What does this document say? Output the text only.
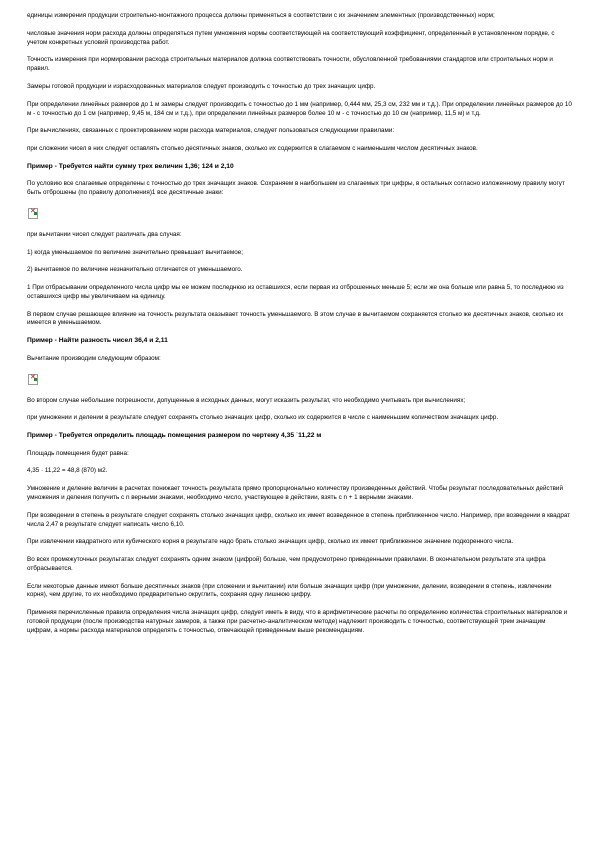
единицы измерения продукции строительно-монтажного процесса должны применяться в соответствии с их значением элементных (производственных) норм;

числовые значения норм расхода должны определяться путем умножения нормы соответствующей на соответствующий коэффициент, определенный в установленном порядке, с учетом конкретных условий производства работ.

Точность измерения при нормировании расхода строительных материалов должна соответствовать точности, обусловленной требованиями стандартов или строительных норм и правил.

Замеры готовой продукции и израсходованных материалов следует производить с точностью до трех значащих цифр.

При определении линейных размеров до 1 м замеры следует производить с точностью до 1 мм (например, 0,444 мм, 25,3 см, 232 мм и т.д.). При определении линейных размеров до 10 м - с точностью до 1 см (например, 9,45 м, 184 см и т.д.), при определении линейных размеров более 10 м - с точностью до 10 см (например, 11,5 м) и т.д.

При вычислениях, связанных с проектированием норм расхода материалов, следует пользоваться следующими правилами:

при сложении чисел в них следует оставлять столько десятичных знаков, сколько их содержится в слагаемом с наименьшим числом десятичных знаков.

Пример - Требуется найти сумму трех величин 1,36; 124 и 2,10

По условию все слагаемые определены с точностью до трех значащих знаков. Сохраняем в наибольшем из слагаемых три цифры, в остальных согласно изложенному правилу могут быть отброшены (по правилу дополнения)1 все десятичные знаки:

✕

при вычитании чисел следует различать два случая:

1) когда уменьшаемое по величине значительно превышает вычитаемое;

2) вычитаемое по величине незначительно отличается от уменьшаемого.

1 При отбрасывании определенного числа цифр мы ее можем последнюю из оставшихся, если первая из отброшенных меньше 5; если же она больше или равна 5, то последнюю из оставшихся цифр мы увеличиваем на единицу.

В первом случае решающее влияние на точность результата оказывает точность уменьшаемого. В этом случае в вычитаемом сохраняется столько же десятичных знаков, сколько их имеется в уменьшаемом.

Пример - Найти разность чисел 36,4 и 2,11

Вычитание производим следующим образом:

✕

Во втором случае небольшие погрешности, допущенные в исходных данных, могут исказить результат, что необходимо учитывать при вычислениях;

при умножении и делении в результате следует сохранять столько значащих цифр, сколько их содержится в числе с наименьшим количеством значащих цифр.

Пример - Требуется определить площадь помещения размером по чертежу 4,35 ˙11,22 м

Площадь помещения будет равна:

4,35 · 11,22 = 48,8 (870) м2.

Умножение и деление величин в расчетах понижает точность результата прямо пропорционально количеству произведенных действий. Чтобы результат последовательных действий умножения и деления получить с n верными знаками, необходимо число, участвующее в действии, взять с n + 1 верными знаками.

При возведении в степень в результате следует сохранять столько значащих цифр, сколько их имеет возведенное в степень приближенное число. Например, при возведении в квадрат числа 2,47 в результате следует написать число 6,10.

При извлечении квадратного или кубического корня в результате надо брать столько значащих цифр, сколько их имеет приближенное значение подкоренного числа.

Во всех промежуточных результатах следует сохранять одним знаком (цифрой) больше, чем предусмотрено приведенными правилами. В окончательном результате эта цифра отбрасывается.

Если некоторые данные имеют больше десятичных знаков (при сложении и вычитании) или больше значащих цифр (при умножении, делении, возведении в степень, извлечении корня), чем другие, то их необходимо предварительно округлить, сохраняя одну лишнюю цифру.

Применяя перечисленные правила определения числа значащих цифр, следует иметь в виду, что в арифметические расчеты по определению количества строительных материалов и готовой продукции (после производства натурных замеров, а также при расчетно-аналитическом методе) надлежит производить с точностью, соответствующей трем значащим цифрам, а нормы расхода материалов определять с точностью, отвечающей приведенным выше рекомендациям.
